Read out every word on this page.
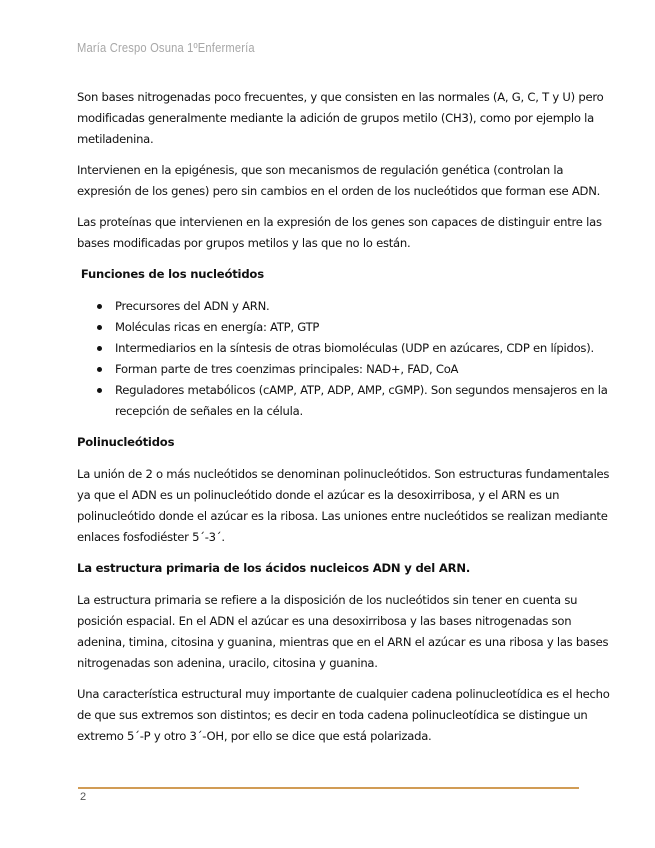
María Crespo Osuna 1ºEnfermería

Son bases nitrogenadas poco frecuentes, y que consisten en las normales (A, G, C, T y U) pero modificadas generalmente mediante la adición de grupos metilo (CH3), como por ejemplo la metiladenina.

Intervienen en la epigénesis, que son mecanismos de regulación genética (controlan la expresión de los genes) pero sin cambios en el orden de los nucleótidos que forman ese ADN.

Las proteínas que intervienen en la expresión de los genes son capaces de distinguir entre las bases modificadas por grupos metilos y las que no lo están.

Funciones de los nucleótidos
Precursores del ADN y ARN.
Moléculas ricas en energía: ATP, GTP
Intermediarios en la síntesis de otras biomoléculas (UDP en azúcares, CDP en lípidos).
Forman parte de tres coenzimas principales: NAD+, FAD, CoA
Reguladores metabólicos (cAMP, ATP, ADP, AMP, cGMP). Son segundos mensajeros en la recepción de señales en la célula.
Polinucleótidos

La unión de 2 o más nucleótidos se denominan polinucleótidos. Son estructuras fundamentales ya que el ADN es un polinucleótido donde el azúcar es la desoxirribosa, y el ARN es un polinucleótido donde el azúcar es la ribosa. Las uniones entre nucleótidos se realizan mediante enlaces fosfodiéster 5´-3´.

La estructura primaria de los ácidos nucleicos ADN y del ARN.

La estructura primaria se refiere a la disposición de los nucleótidos sin tener en cuenta su posición espacial. En el ADN el azúcar es una desoxirribosa y las bases nitrogenadas son adenina, timina, citosina y guanina, mientras que en el ARN el azúcar es una ribosa y las bases nitrogenadas son adenina, uracilo, citosina y guanina.

Una característica estructural muy importante de cualquier cadena polinucleotídica es el hecho de que sus extremos son distintos; es decir en toda cadena polinucleotídica se distingue un extremo 5´-P y otro 3´-OH, por ello se dice que está polarizada.

2
